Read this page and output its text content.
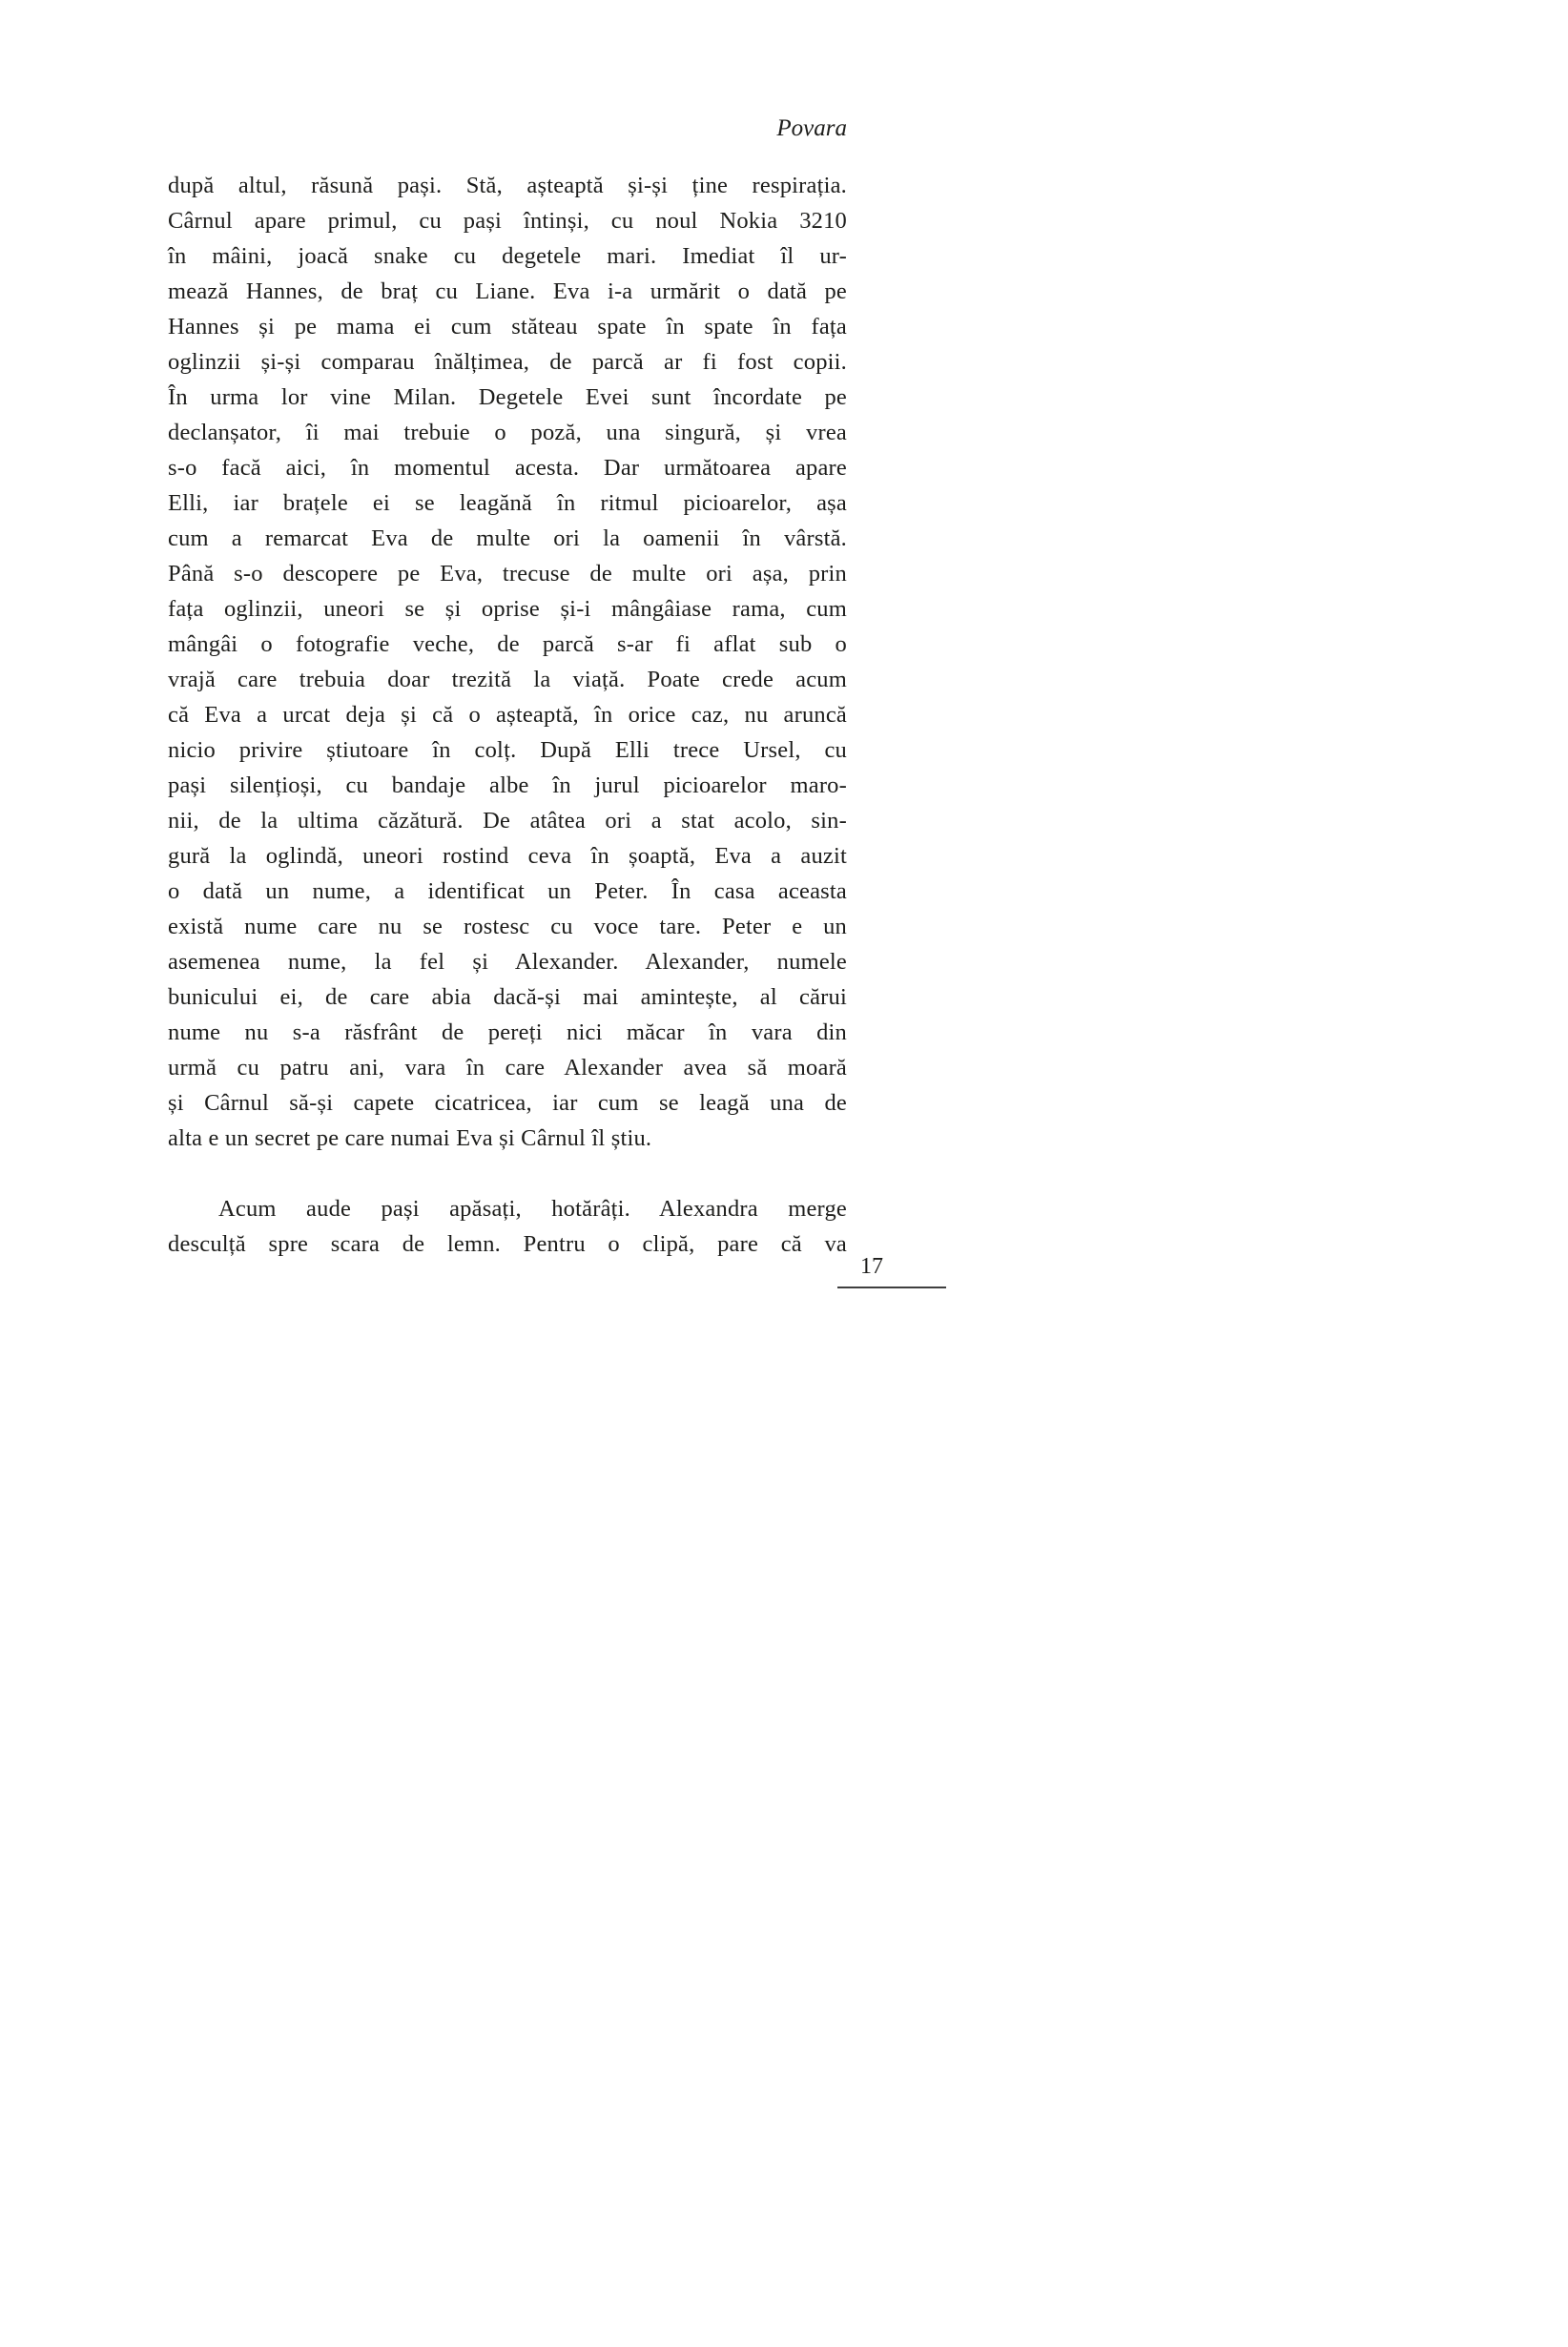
Povara
după altul, răsună pași. Stă, așteaptă și-și ține respirația.
Cârnul apare primul, cu pași întinși, cu noul Nokia 3210
în mâini, joacă snake cu degetele mari. Imediat îl ur-
mează Hannes, de braț cu Liane. Eva i-a urmărit o dată pe
Hannes și pe mama ei cum stăteau spate în spate în fața
oglinzii și-și comparau înălțimea, de parcă ar fi fost copii.
În urma lor vine Milan. Degetele Evei sunt încordate pe
declanșator, îi mai trebuie o poză, una singură, și vrea
s-o facă aici, în momentul acesta. Dar următoarea apare
Elli, iar brațele ei se leagănă în ritmul picioarelor, așa
cum a remarcat Eva de multe ori la oamenii în vârstă.
Până s-o descopere pe Eva, trecuse de multe ori așa, prin
fața oglinzii, uneori se și oprise și-i mângâiase rama, cum
mângâi o fotografie veche, de parcă s-ar fi aflat sub o
vrajă care trebuia doar trezită la viață. Poate crede acum
că Eva a urcat deja și că o așteaptă, în orice caz, nu aruncă
nicio privire știutoare în colț. După Elli trece Ursel, cu
pași silențioși, cu bandaje albe în jurul picioarelor maro-
nii, de la ultima căzătură. De atâtea ori a stat acolo, sin-
gură la oglindă, uneori rostind ceva în șoaptă, Eva a auzit
o dată un nume, a identificat un Peter. În casa aceasta
există nume care nu se rostesc cu voce tare. Peter e un
asemenea nume, la fel și Alexander. Alexander, numele
bunicului ei, de care abia dacă-și mai amintește, al cărui
nume nu s-a răsfrânt de pereți nici măcar în vara din
urmă cu patru ani, vara în care Alexander avea să moară
și Cârnul să-și capete cicatricea, iar cum se leagă una de
alta e un secret pe care numai Eva și Cârnul îl știu.
Acum aude pași apăsați, hotărâți. Alexandra merge
desculță spre scara de lemn. Pentru o clipă, pare că va
17
